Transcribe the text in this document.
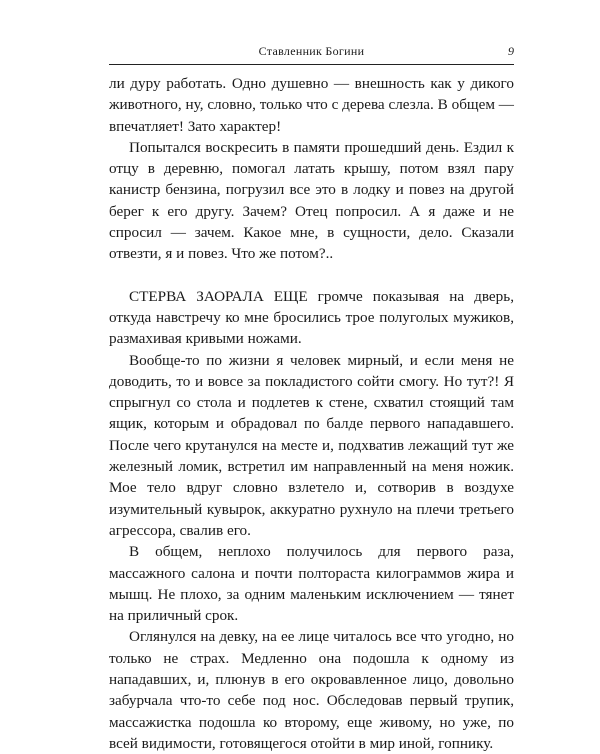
Ставленник Богини	9

ли дуру работать. Одно душевно — внешность как у дикого животного, ну, словно, только что с дерева слезла. В общем — впечатляет! Зато характер!

Попытался воскресить в памяти прошедший день. Ездил к отцу в деревню, помогал латать крышу, потом взял пару канистр бензина, погрузил все это в лодку и повез на другой берег к его другу. Зачем? Отец попросил. А я даже и не спросил — зачем. Какое мне, в сущности, дело. Сказали отвезти, я и повез. Что же потом?..

СТЕРВА ЗАОРАЛА ЕЩЕ громче показывая на дверь, откуда навстречу ко мне бросились трое полуголых мужиков, размахивая кривыми ножами.

Вообще-то по жизни я человек мирный, и если меня не доводить, то и вовсе за покладистого сойти смогу. Но тут?! Я спрыгнул со стола и подлетев к стене, схватил стоящий там ящик, которым и обрадовал по балде первого нападавшего. После чего крутанулся на месте и, подхватив лежащий тут же железный ломик, встретил им направленный на меня ножик. Мое тело вдруг словно взлетело и, сотворив в воздухе изумительный кувырок, аккуратно рухнуло на плечи третьего агрессора, свалив его.

В общем, неплохо получилось для первого раза, массажного салона и почти полтораста килограммов жира и мышц. Не плохо, за одним маленьким исключением — тянет на приличный срок.

Оглянулся на девку, на ее лице читалось все что угодно, но только не страх. Медленно она подошла к одному из нападавших, и, плюнув в его окровавленное лицо, довольно забурчала что-то себе под нос. Обследовав первый трупик, массажистка подошла ко второму, еще живому, но уже, по всей видимости, готовящегося отойти в мир иной, гопнику.
